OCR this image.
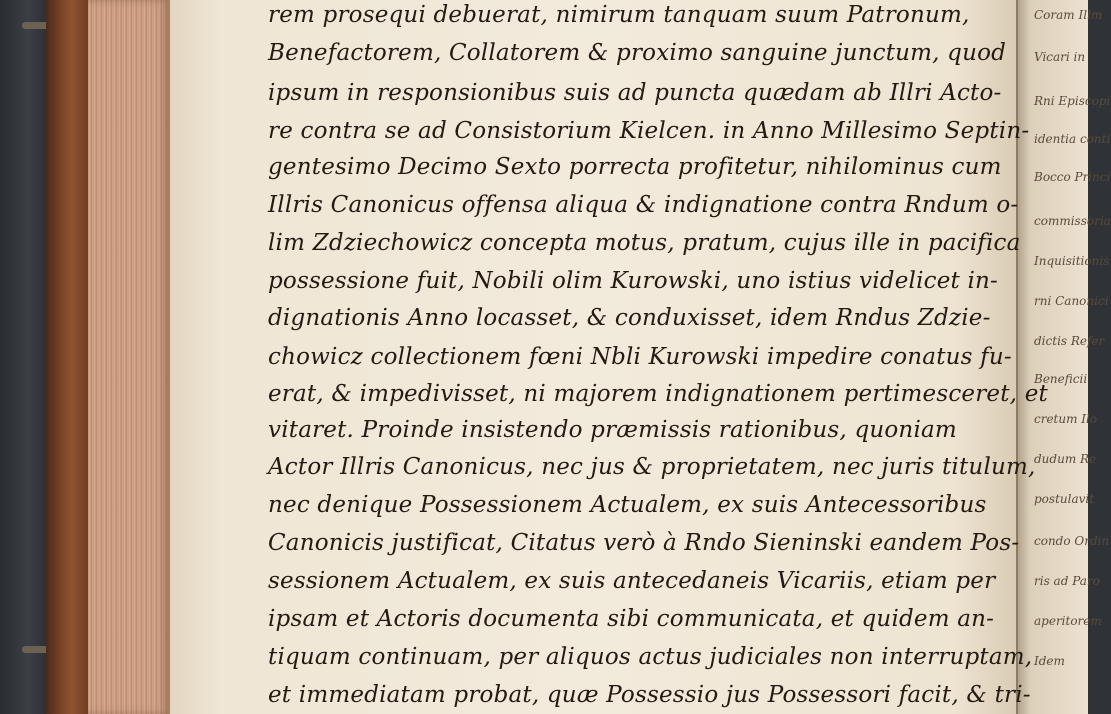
rem prosequi debuerat, nimirum tanquam suum Patronum,
Benefactorem, Collatorem & proximo sanguine junctum, quod
ipsum in responsionibus suis ad puncta quædam ab Illri Acto-
re contra se ad Consistorium Kielcen. in Anno Millesimo Septin-
gentesimo Decimo Sexto porrecta profitetur, nihilominus cum
Illris Canonicus offensa aliqua & indignatione contra Rndum o-
lim Zdziechowicz concepta motus, pratum, cujus ille in pacifica
possessione fuit, Nobili olim Kurowski, uno istius videlicet in-
dignationis Anno locasset, & conduxisset, idem Rndus Zdzie-
chowicz collectionem fœni Nbli Kurowski impedire conatus fu-
erat, & impedivisset, ni majorem indignationem pertimesceret, et
vitaret. Proinde insistendo præmissis rationibus, quoniam
Actor Illris Canonicus, nec jus & proprietatem, nec juris titulum,
nec denique Possessionem Actualem, ex suis Antecessoribus
Canonicis justificat, Citatus verò à Rndo Sieninski eandem Pos-
sessionem Actualem, ex suis antecedaneis Vicariis, etiam per
ipsam et Actoris documenta sibi communicata, et quidem an-
tiquam continuam, per aliquos actus judiciales non interruptam,
et immediatam probat, quæ Possessio jus Possessori facit, & tri-
Coram Illm
Vicari in
Rni Episcopi
identia conti
Bocco Princi
commissoria
Inquisitionis
rni Canonici
dictis Refer
Beneficii
cretum Ilo
dudum Re
postulavit
condo Ordin
ris ad Paro
aperitorem
Idem
